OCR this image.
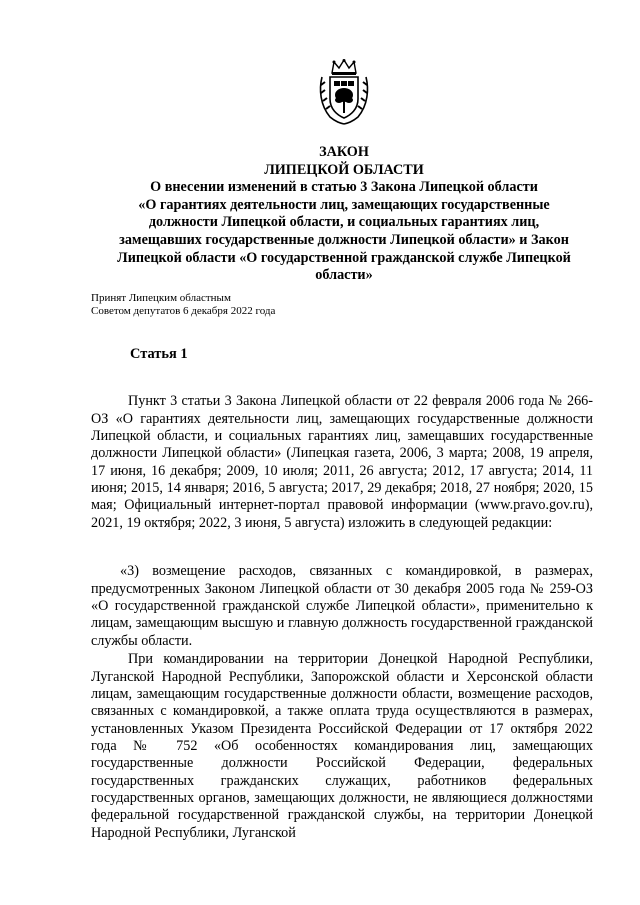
ЗАКОН
ЛИПЕЦКОЙ ОБЛАСТИ
О внесении изменений в статью 3 Закона Липецкой области
«О гарантиях деятельности лиц, замещающих государственные
должности Липецкой области, и социальных гарантиях лиц,
замещавших государственные должности Липецкой области» и Закон
Липецкой области «О государственной гражданской службе Липецкой
области»
Принят Липецким областным
Советом депутатов 6 декабря 2022 года
Статья 1

Пункт 3 статьи 3 Закона Липецкой области от 22 февраля 2006 года № 266-ОЗ «О гарантиях деятельности лиц, замещающих государственные должности Липецкой области, и социальных гарантиях лиц, замещавших государственные должности Липецкой области» (Липецкая газета, 2006, 3 марта; 2008, 19 апреля, 17 июня, 16 декабря; 2009, 10 июля; 2011, 26 августа; 2012, 17 августа; 2014, 11 июня; 2015, 14 января; 2016, 5 августа; 2017, 29 декабря; 2018, 27 ноября; 2020, 15 мая; Официальный интернет-портал правовой информации (www.pravo.gov.ru), 2021, 19 октября; 2022, 3 июня, 5 августа) изложить в следующей редакции:

«3) возмещение расходов, связанных с командировкой, в размерах, предусмотренных Законом Липецкой области от 30 декабря 2005 года № 259-ОЗ «О государственной гражданской службе Липецкой области», применительно к лицам, замещающим высшую и главную должность государственной гражданской службы области.

При командировании на территории Донецкой Народной Республики, Луганской Народной Республики, Запорожской области и Херсонской области лицам, замещающим государственные должности области, возмещение расходов, связанных с командировкой, а также оплата труда осуществляются в размерах, установленных Указом Президента Российской Федерации от 17 октября 2022 года № 752 «Об особенностях командирования лиц, замещающих государственные должности Российской Федерации, федеральных государственных гражданских служащих, работников федеральных государственных органов, замещающих должности, не являющиеся должностями федеральной государственной гражданской службы, на территории Донецкой Народной Республики, Луганской
